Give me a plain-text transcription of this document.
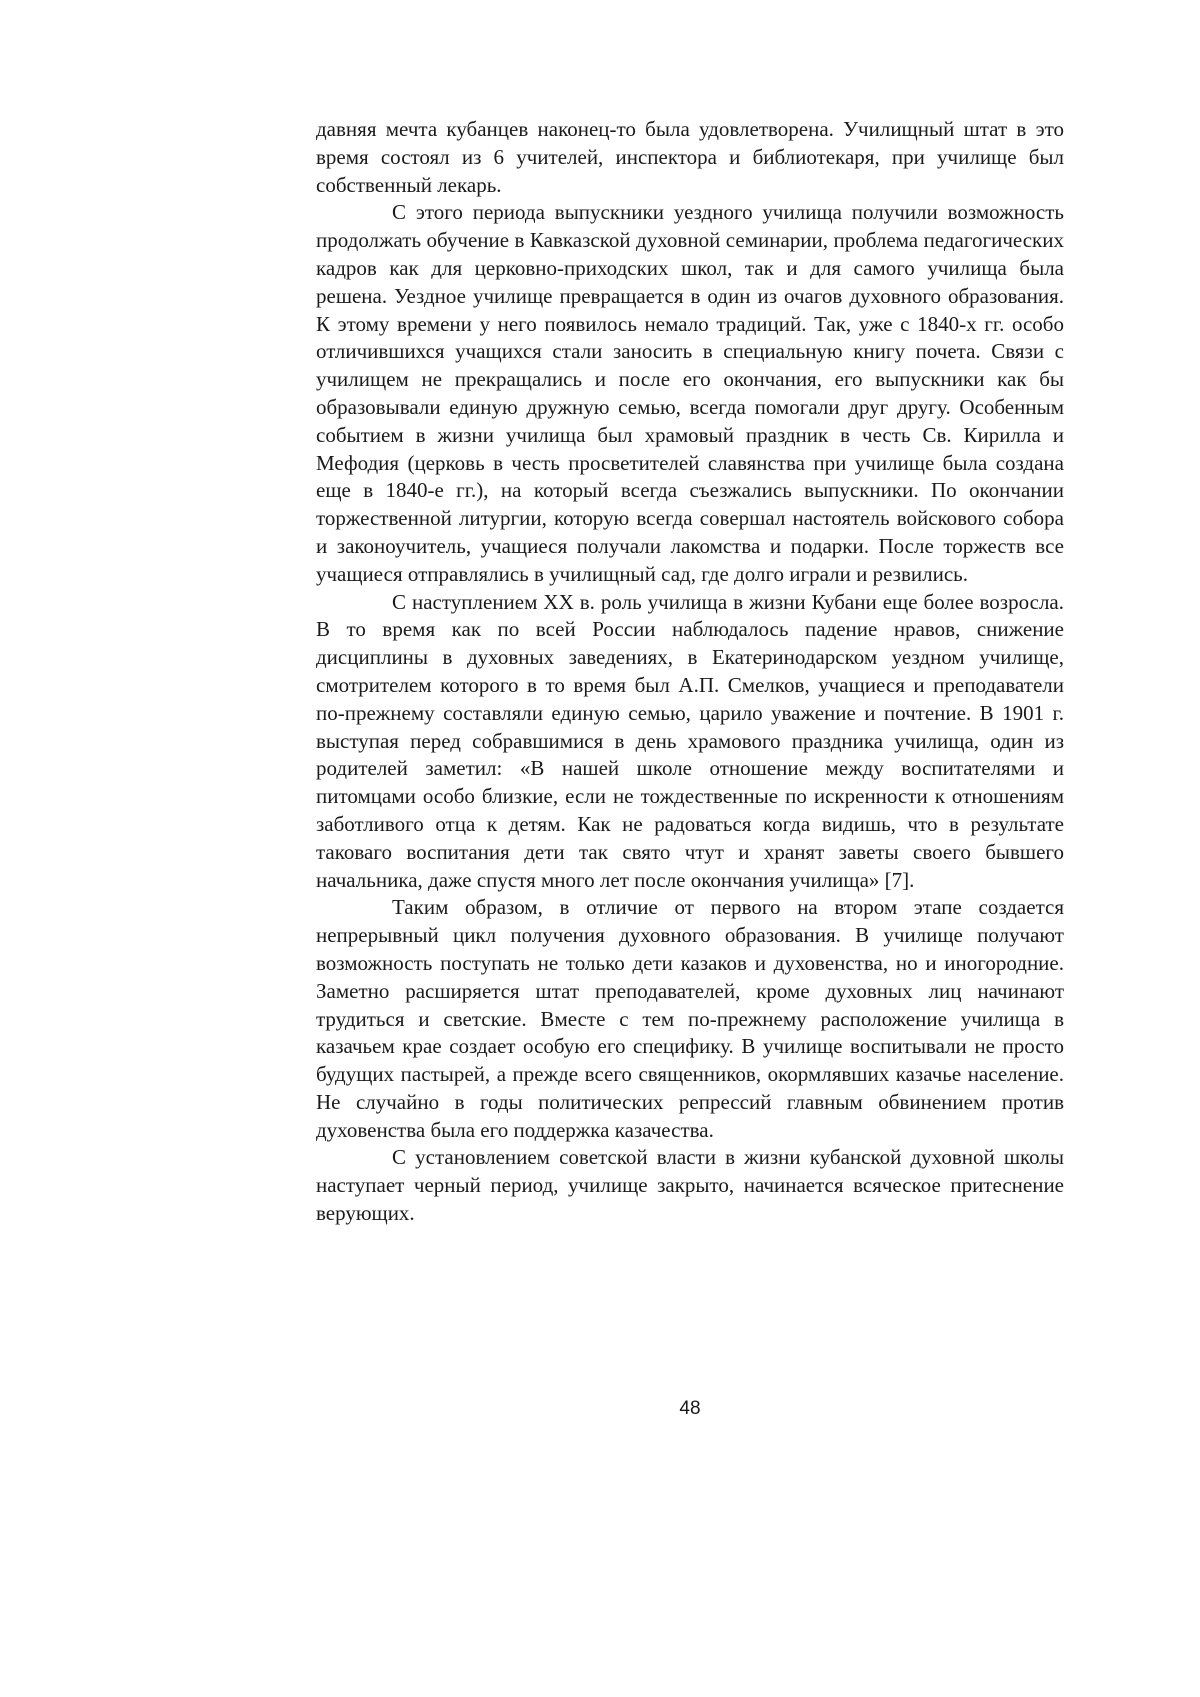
давняя мечта кубанцев наконец-то была удовлетворена. Училищный штат в это время состоял из 6 учителей, инспектора и библиотекаря, при училище был собственный лекарь.

С этого периода выпускники уездного училища получили возможность продолжать обучение в Кавказской духовной семинарии, проблема педагогических кадров как для церковно-приходских школ, так и для самого училища была решена. Уездное училище превращается в один из очагов духовного образования. К этому времени у него появилось немало традиций. Так, уже с 1840-х гг. особо отличившихся учащихся стали заносить в специальную книгу почета. Связи с училищем не прекращались и после его окончания, его выпускники как бы образовывали единую дружную семью, всегда помогали друг другу. Особенным событием в жизни училища был храмовый праздник в честь Св. Кирилла и Мефодия (церковь в честь просветителей славянства при училище была создана еще в 1840-е гг.), на который всегда съезжались выпускники. По окончании торжественной литургии, которую всегда совершал настоятель войскового собора и законоучитель, учащиеся получали лакомства и подарки. После торжеств все учащиеся отправлялись в училищный сад, где долго играли и резвились.

С наступлением ХХ в. роль училища в жизни Кубани еще более возросла. В то время как по всей России наблюдалось падение нравов, снижение дисциплины в духовных заведениях, в Екатеринодарском уездном училище, смотрителем которого в то время был А.П. Смелков, учащиеся и преподаватели по-прежнему составляли единую семью, царило уважение и почтение. В 1901 г. выступая перед собравшимися в день храмового праздника училища, один из родителей заметил: «В нашей школе отношение между воспитателями и питомцами особо близкие, если не тождественные по искренности к отношениям заботливого отца к детям. Как не радоваться когда видишь, что в результате таковаго воспитания дети так свято чтут и хранят заветы своего бывшего начальника, даже спустя много лет после окончания училища» [7].

Таким образом, в отличие от первого на втором этапе создается непрерывный цикл получения духовного образования. В училище получают возможность поступать не только дети казаков и духовенства, но и иногородние. Заметно расширяется штат преподавателей, кроме духовных лиц начинают трудиться и светские. Вместе с тем по-прежнему расположение училища в казачьем крае создает особую его специфику. В училище воспитывали не просто будущих пастырей, а прежде всего священников, окормлявших казачье население. Не случайно в годы политических репрессий главным обвинением против духовенства была его поддержка казачества.

С установлением советской власти в жизни кубанской духовной школы наступает черный период, училище закрыто, начинается всяческое притеснение верующих.

48
